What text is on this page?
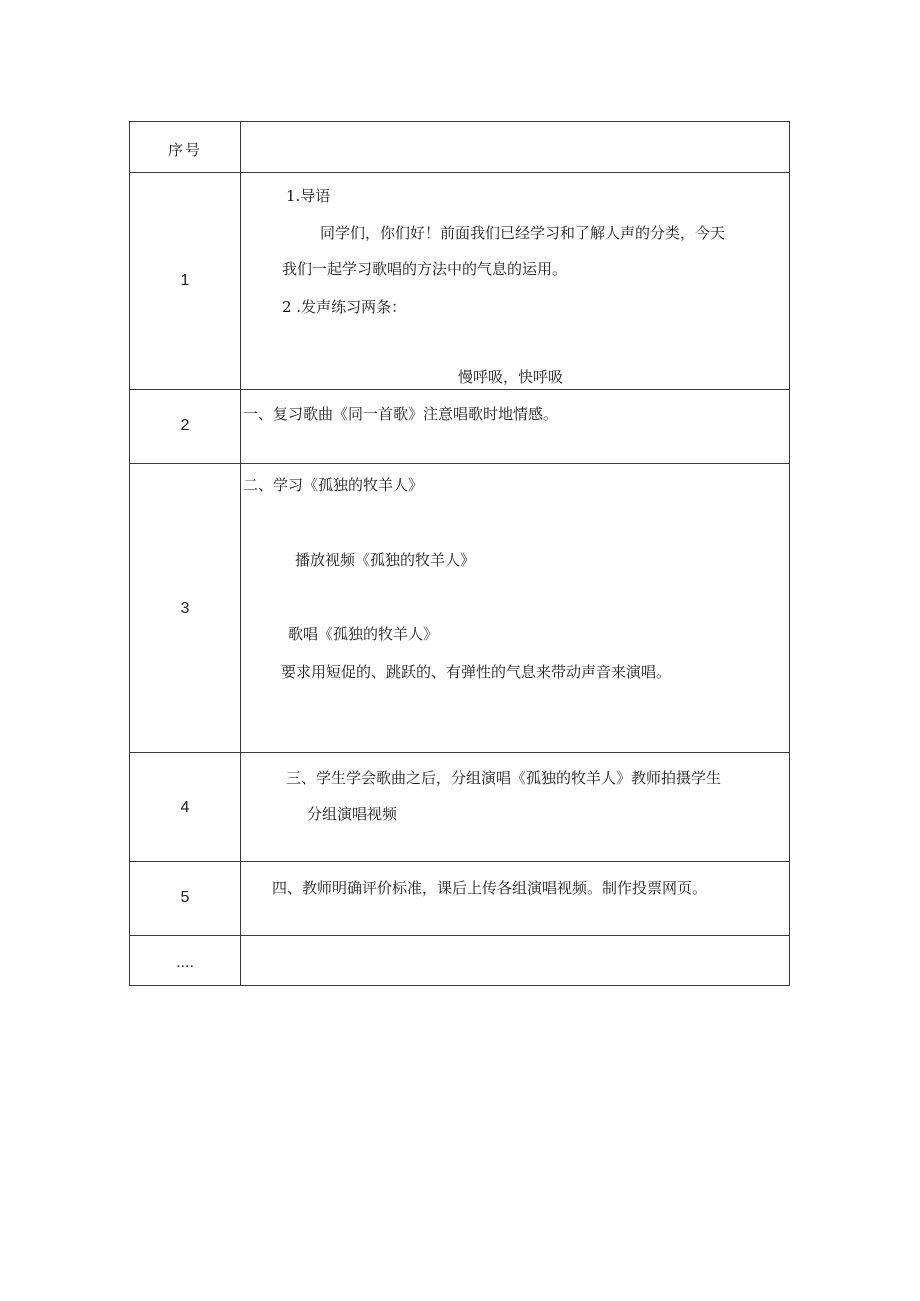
序号
1
1.导语
同学们，你们好！前面我们已经学习和了解人声的分类，今天
我们一起学习歌唱的方法中的气息的运用。
2 .发声练习两条：
慢呼吸，快呼吸
2
一、复习歌曲《同一首歌》注意唱歌时地情感。
3
二、学习《孤独的牧羊人》
播放视频《孤独的牧羊人》
歌唱《孤独的牧羊人》
要求用短促的、跳跃的、有弹性的气息来带动声音来演唱。
4
三、学生学会歌曲之后，分组演唱《孤独的牧羊人》教师拍摄学生
分组演唱视频
5
四、教师明确评价标准，课后上传各组演唱视频。制作投票网页。
....
